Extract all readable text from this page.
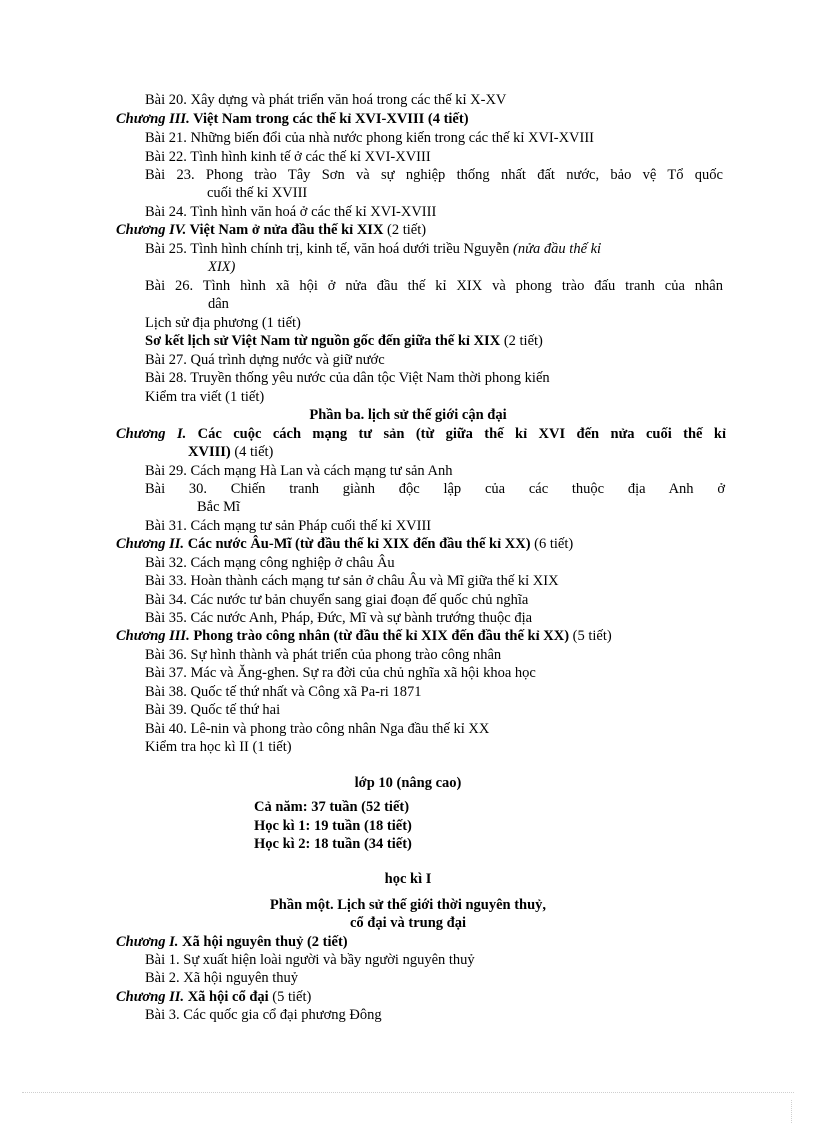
Bài 20. Xây dựng và phát triển văn hoá trong các thế kỉ X-XV
Chương III. Việt Nam trong các thế kỉ XVI-XVIII (4 tiết)
Bài 21. Những biến đổi của nhà nước phong kiến trong các thế kỉ XVI-XVIII
Bài 22. Tình hình kinh tế ở các thế kỉ XVI-XVIII
Bài 23. Phong trào Tây Sơn và sự nghiệp thống nhất đất nước, bảo vệ Tổ quốc
cuối thế kỉ XVIII
Bài 24. Tình hình văn hoá ở các thế kỉ XVI-XVIII
Chương IV. Việt Nam ở nửa đầu thế kỉ XIX (2 tiết)
Bài 25. Tình hình chính trị, kinh tế, văn hoá dưới triều Nguyễn (nửa đầu thế kỉ
XIX)
Bài 26. Tình hình xã hội ở nửa đầu thế kỉ XIX và phong trào đấu tranh của nhân
dân
Lịch sử địa phương (1 tiết)
Sơ kết lịch sử Việt Nam từ nguồn gốc đến giữa thế kỉ XIX (2 tiết)
Bài 27. Quá trình dựng nước và giữ nước
Bài 28. Truyền thống yêu nước của dân tộc Việt Nam thời phong kiến
Kiểm tra viết (1 tiết)
Phần ba. lịch sử thế giới cận đại
Chương I. Các cuộc cách mạng tư sản (từ giữa thế kỉ XVI đến nửa cuối thế kỉ
XVIII) (4 tiết)
Bài 29. Cách mạng Hà Lan và cách mạng tư sản Anh
Bài 30. Chiến tranh giành độc lập của các thuộc địa Anh ở
Bắc Mĩ
Bài 31. Cách mạng tư sản Pháp cuối thế kỉ XVIII
Chương II. Các nước Âu-Mĩ (từ đầu thế kỉ XIX đến đầu thế kỉ XX) (6 tiết)
Bài 32. Cách mạng công nghiệp ở châu Âu
Bài 33. Hoàn thành cách mạng tư sản ở châu Âu và Mĩ giữa thế kỉ XIX
Bài 34. Các nước tư bản chuyển sang giai đoạn đế quốc chủ nghĩa
Bài 35. Các nước Anh, Pháp, Đức, Mĩ và sự bành trướng thuộc địa
Chương III. Phong trào công nhân (từ đầu thế kỉ XIX đến đầu thế kỉ XX) (5 tiết)
Bài 36. Sự hình thành và phát triển của phong trào công nhân
Bài 37. Mác và Ăng-ghen. Sự ra đời của chủ nghĩa xã hội khoa học
Bài 38. Quốc tế thứ nhất và Công xã Pa-ri 1871
Bài 39. Quốc tế thứ hai
Bài 40. Lê-nin và phong trào công nhân Nga đầu thế kỉ XX
Kiểm tra học kì II (1 tiết)
lớp 10 (nâng cao)
Cả năm: 37 tuần (52 tiết)
Học kì 1: 19 tuần (18 tiết)
Học kì 2: 18 tuần (34 tiết)
học kì I
Phần một. Lịch sử thế giới thời nguyên thuỷ,
cổ đại và trung đại
Chương I. Xã hội nguyên thuỷ (2 tiết)
Bài 1. Sự xuất hiện loài người và bầy người nguyên thuỷ
Bài 2. Xã hội nguyên thuỷ
Chương II. Xã hội cổ đại (5 tiết)
Bài 3. Các quốc gia cổ đại phương Đông
